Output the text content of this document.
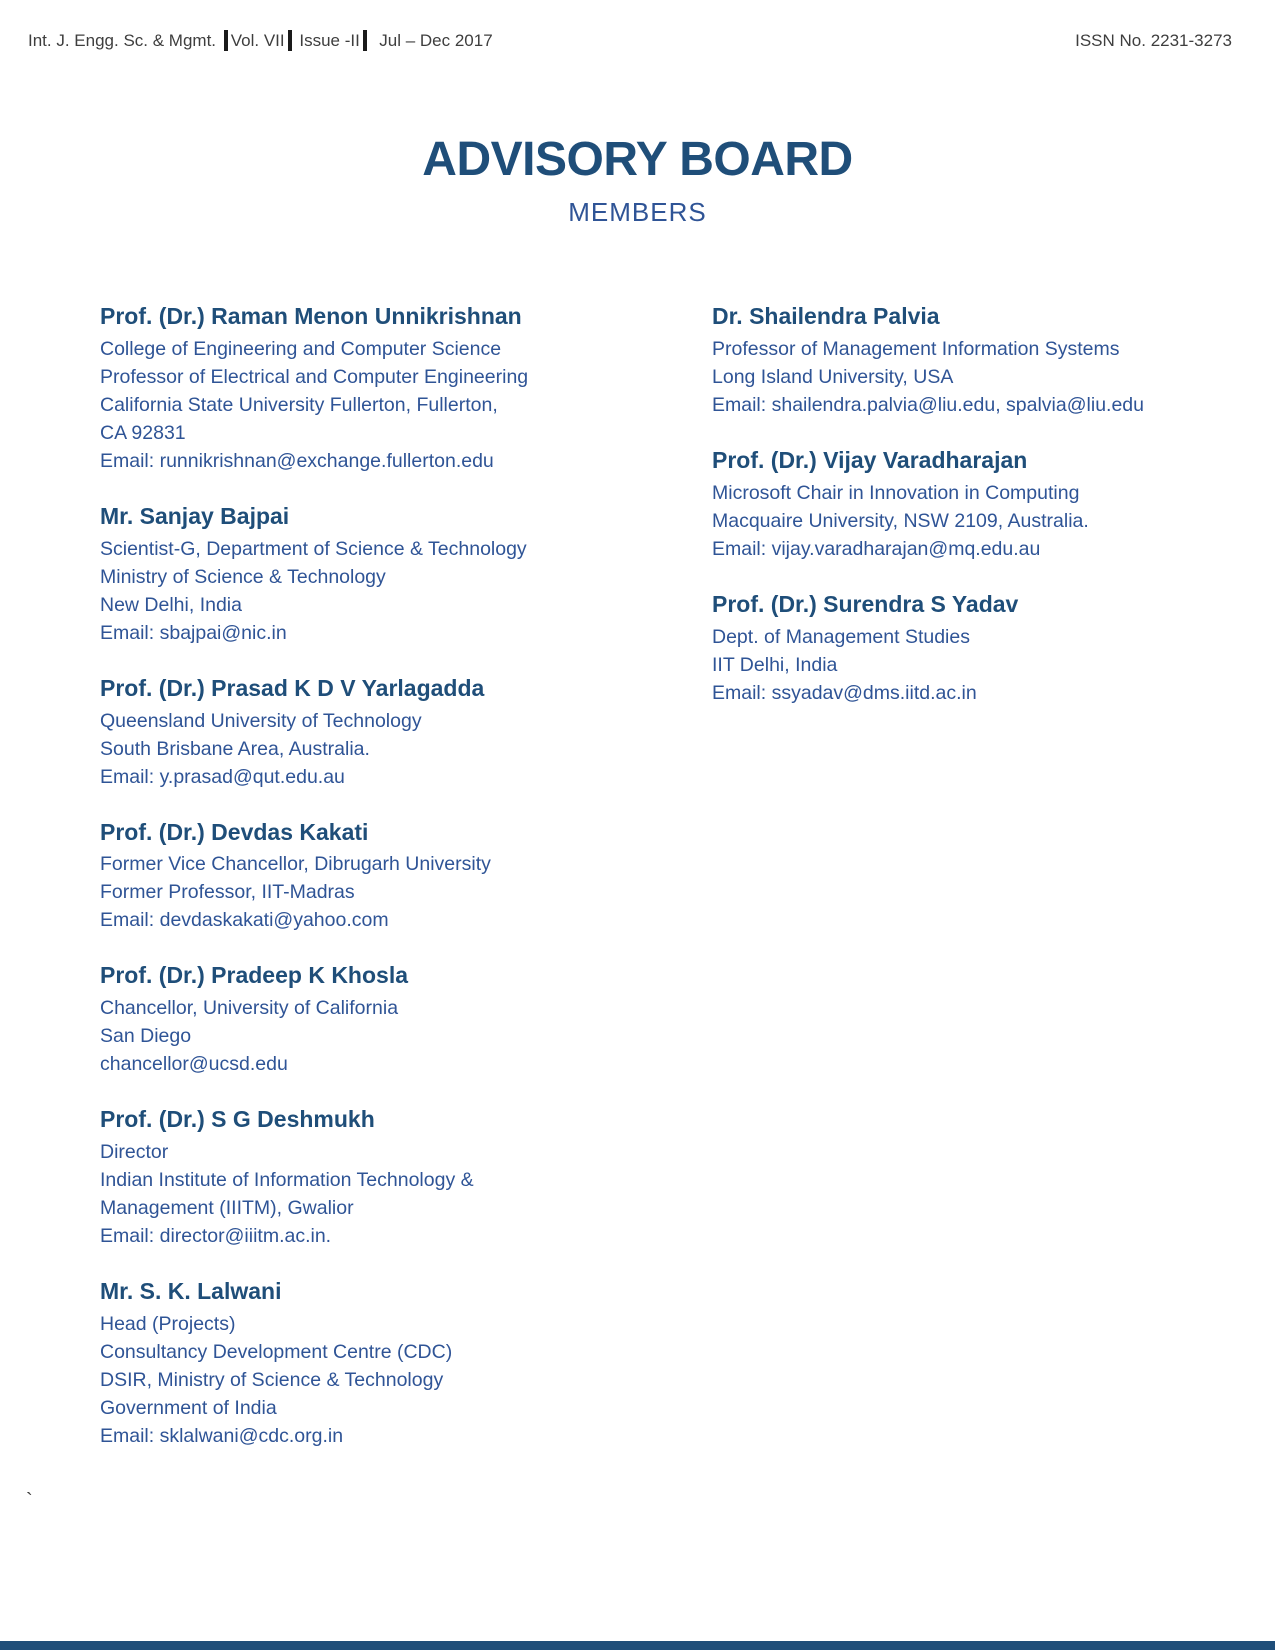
Int. J. Engg. Sc. & Mgmt. Vol. VII Issue -II Jul – Dec 2017	ISSN No. 2231-3273
ADVISORY BOARD
MEMBERS
Prof. (Dr.) Raman Menon Unnikrishnan

College of Engineering and Computer Science

Professor of Electrical and Computer Engineering

California State University Fullerton, Fullerton,

CA 92831

Email: runnikrishnan@exchange.fullerton.edu

Mr. Sanjay Bajpai

Scientist-G, Department of Science & Technology

Ministry of Science & Technology

New Delhi, India

Email: sbajpai@nic.in

Prof. (Dr.) Prasad K D V Yarlagadda

Queensland University of Technology

South Brisbane Area, Australia.

Email: y.prasad@qut.edu.au

Prof. (Dr.) Devdas Kakati

Former Vice Chancellor, Dibrugarh University

Former Professor, IIT-Madras

Email: devdaskakati@yahoo.com

Prof. (Dr.) Pradeep K Khosla

Chancellor, University of California

San Diego

chancellor@ucsd.edu

Prof. (Dr.) S G Deshmukh

Director

Indian Institute of Information Technology &

Management (IIITM), Gwalior

Email: director@iiitm.ac.in.

Mr. S. K. Lalwani

Head (Projects)

Consultancy Development Centre (CDC)

DSIR, Ministry of Science & Technology

Government of India

Email: sklalwani@cdc.org.in

Dr. Shailendra Palvia

Professor of Management Information Systems

Long Island University, USA

Email: shailendra.palvia@liu.edu, spalvia@liu.edu

Prof. (Dr.) Vijay Varadharajan

Microsoft Chair in Innovation in Computing

Macquaire University, NSW 2109, Australia.

Email: vijay.varadharajan@mq.edu.au

Prof. (Dr.) Surendra S Yadav

Dept. of Management Studies

IIT Delhi, India

Email: ssyadav@dms.iitd.ac.in

`
